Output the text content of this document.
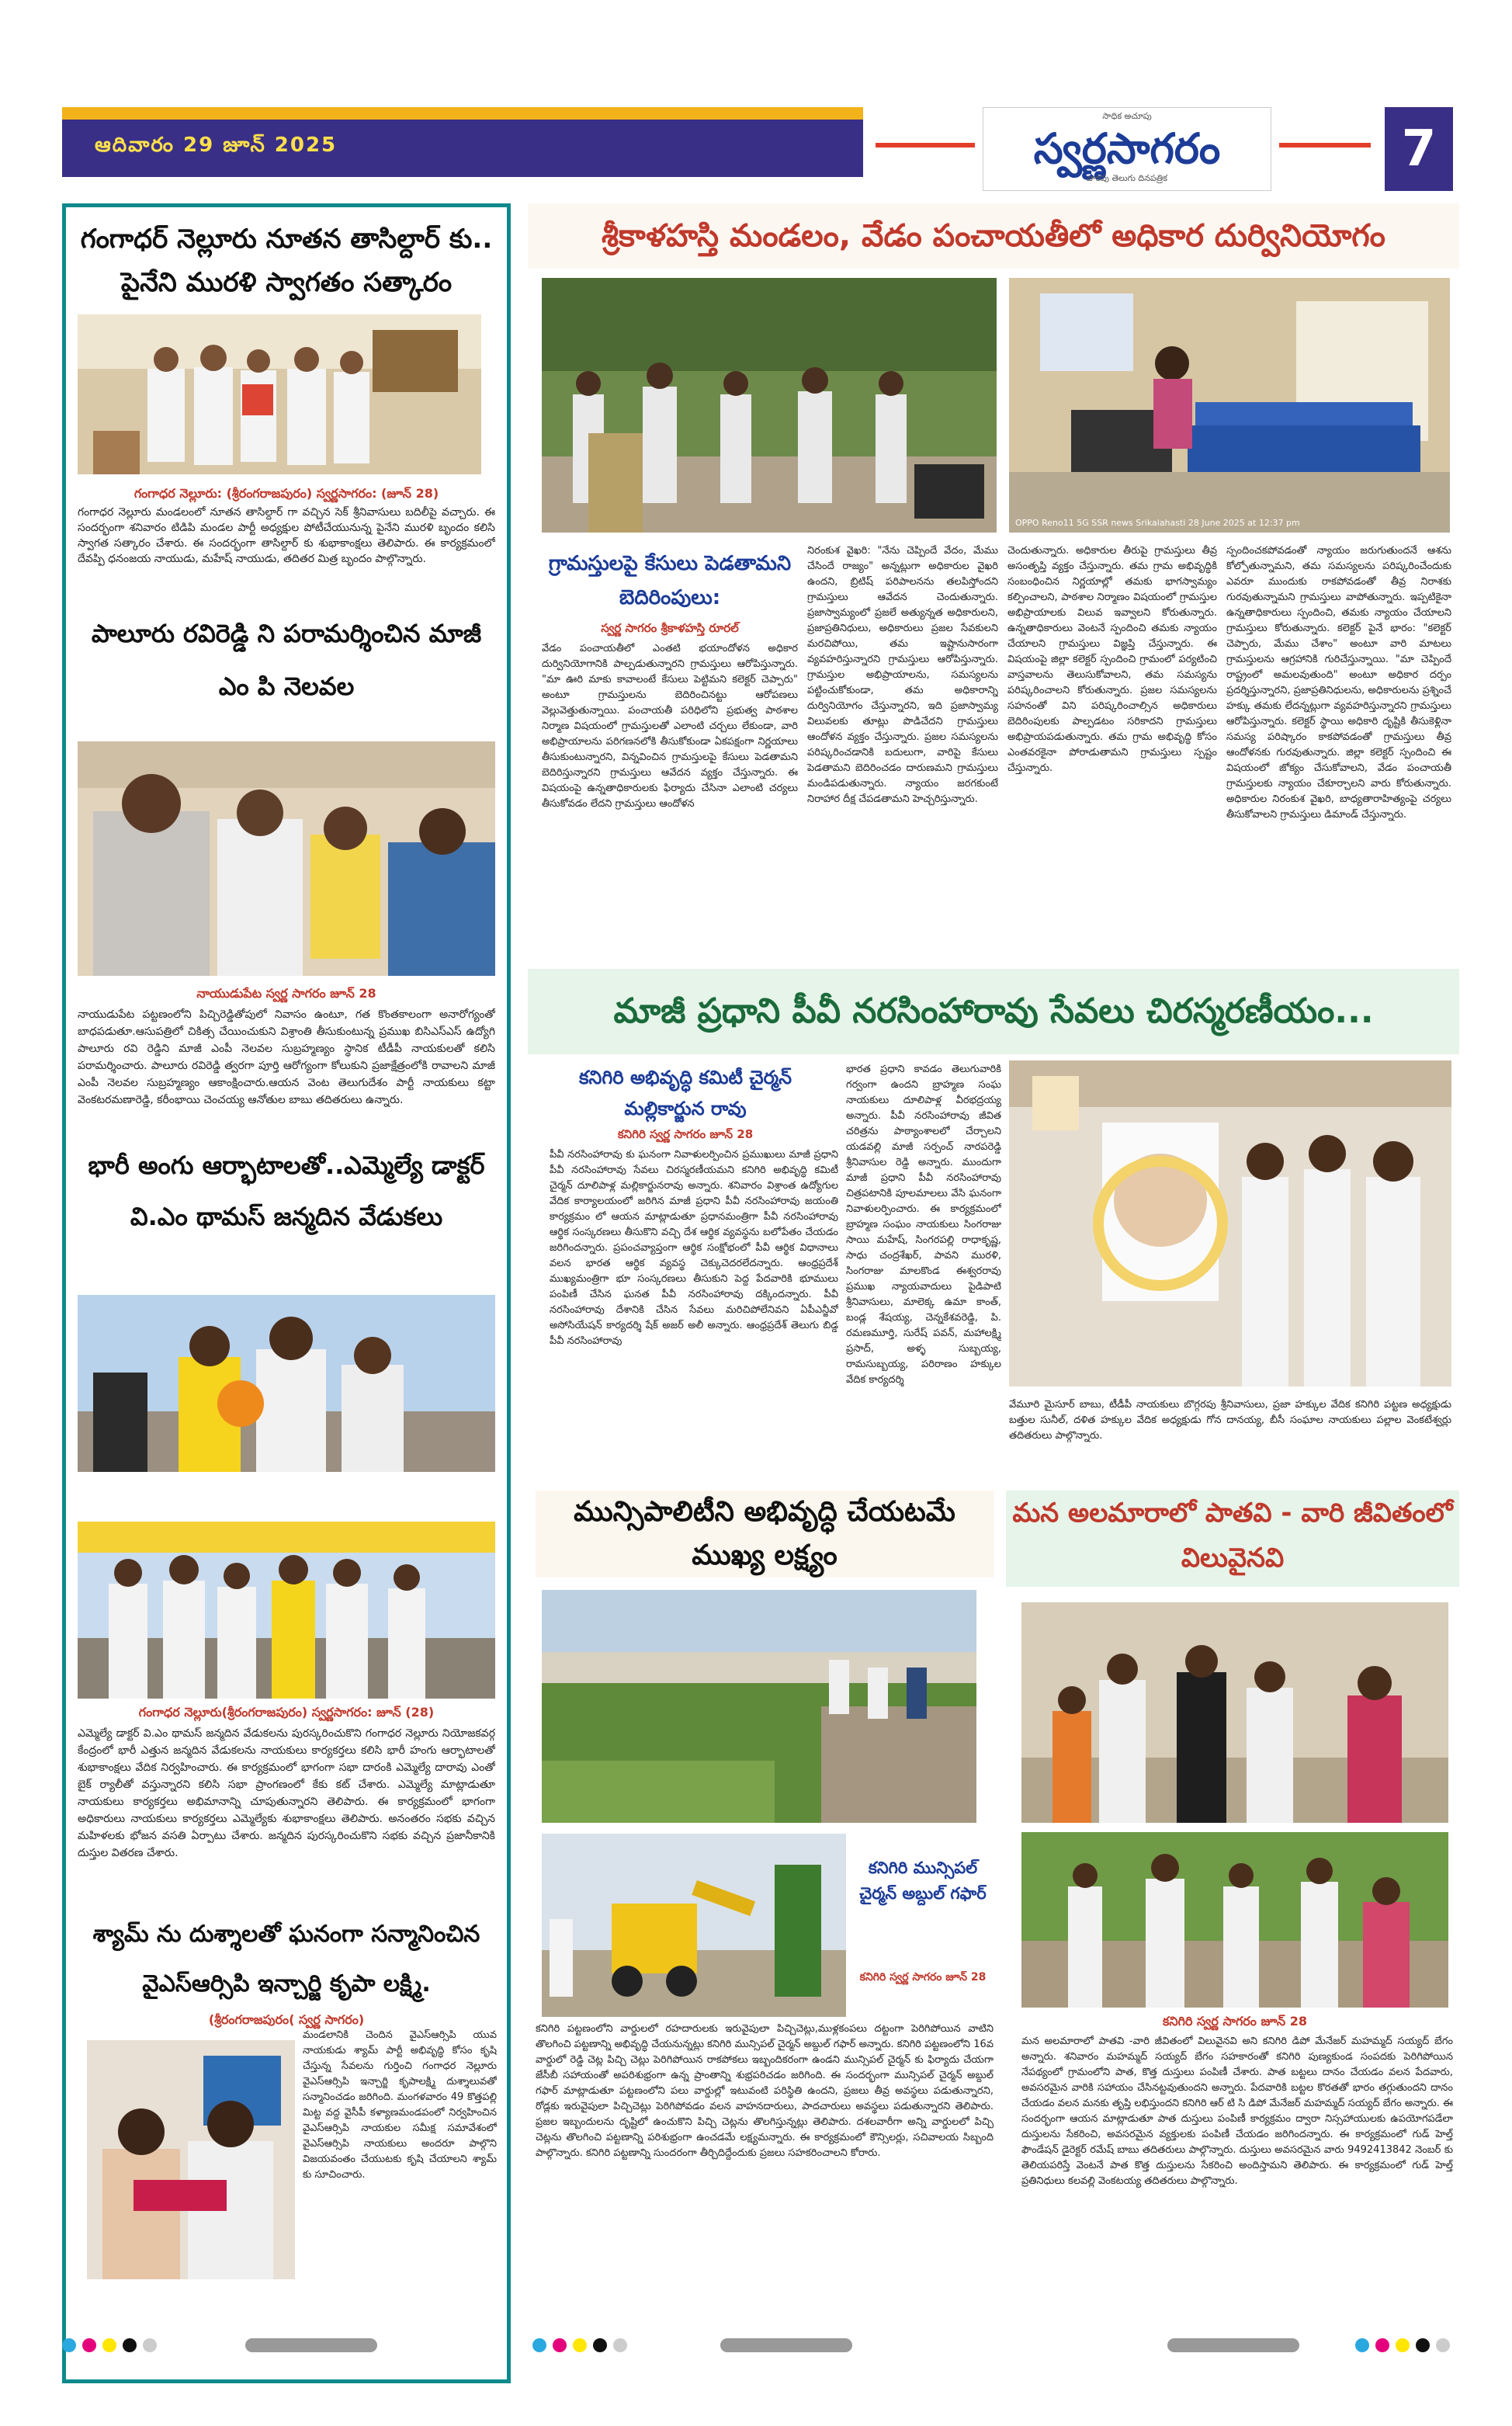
ఆదివారం 29 జూన్ 2025
సాధిక అచూపు
స్వర్ణసాగరం
వారపు తెలుగు దినపత్రిక
7
గంగాధర్ నెల్లూరు నూతన తాసిల్దార్ కు.. పైనేని మురళి స్వాగతం సత్కారం
గంగాధర నెల్లూరు: (శ్రీరంగరాజపురం) స్వర్ణసాగరం: (జూన్ 28)
గంగాధర నెల్లూరు మండలంలో నూతన తాసిల్దార్ గా వచ్చిన సెక్ శ్రీనివాసులు బదిలీపై వచ్చారు. ఈ సందర్భంగా శనివారం టిడిపి మండల పార్టీ అధ్యక్షుల పోటీచేయునున్న పైనేని మురళి బృందం కలిసి స్వాగత సత్కారం చేశారు. ఈ సందర్భంగా తాసిల్దార్ కు శుభాకాంక్షలు తెలిపారు. ఈ కార్యక్రమంలో దేవప్పి ధనంజయ నాయుడు, మహేష్ నాయుడు, తదితర మిత్ర బృందం పాల్గొన్నారు.
పాలూరు రవిరెడ్డి ని పరామర్శించిన మాజీ ఎం పి నెలవల
నాయుడుపేట స్వర్ణ సాగరం జూన్ 28
నాయుడుపేట పట్టణంలోని పిచ్చిరెడ్డితోపులో నివాసం ఉంటూ, గత కొంతకాలంగా అనారోగ్యంతో బాధపడుతూ.ఆసుపత్రిలో చికిత్స చేయించుకుని విశ్రాంతి తీసుకుంటున్న ప్రముఖ బిసిఎస్ఎస్ ఉద్యోగి పాలూరు రవి రెడ్డిని మాజీ ఎంపీ నెలవల సుబ్రహ్మణ్యం స్థానిక టీడీపీ నాయకులతో కలిసి పరామర్శించారు. పాలూరు రవిరెడ్డి త్వరగా పూర్తి ఆరోగ్యంగా కోలుకుని ప్రజాక్షేత్రంలోకి రావాలని మాజీ ఎంపీ నెలవల సుబ్రహ్మణ్యం ఆకాంక్షించారు.ఆయన వెంట తెలుగుదేశం పార్టీ నాయకులు కట్టా వెంకటరమణారెడ్డి, కరీంభాయి చెంచయ్య ఆనోతుల బాబు తదితరులు ఉన్నారు.
భారీ అంగు ఆర్భాటాలతో..ఎమ్మెల్యే డాక్టర్ వి.ఎం థామస్ జన్మదిన వేడుకలు
గంగాధర నెల్లూరు(శ్రీరంగరాజపురం) స్వర్ణసాగరం: జూన్ (28)
ఎమ్మెల్యే డాక్టర్ వి.ఎం థామస్ జన్మదిన వేడుకలను పురస్కరించుకొని గంగాధర నెల్లూరు నియోజకవర్గ కేంద్రంలో భారీ ఎత్తున జన్మదిన వేడుకలను నాయకులు కార్యకర్తలు కలిసి భారీ హంగు ఆర్భాటాలతో శుభాకాంక్షలు వేదిక నిర్వహించారు. ఈ కార్యక్రమంలో భాగంగా సభా దారంకి ఎమ్మెల్యే దారావు ఎంతో బైక్ ర్యాలీతో వస్తున్నారని కలిసి సభా ప్రాంగణంలో కేకు కట్ చేశారు. ఎమ్మెల్యే మాట్లాడుతూ నాయకులు కార్యకర్తలు అభిమానాన్ని చూపుతున్నారని తెలిపారు. ఈ కార్యక్రమంలో భాగంగా అధికారులు నాయకులు కార్యకర్తలు ఎమ్మెల్యేకు శుభాకాంక్షలు తెలిపారు. అనంతరం సభకు వచ్చిన మహిళలకు భోజన వసతి ఏర్పాటు చేశారు. జన్మదిన పురస్కరించుకొని సభకు వచ్చిన ప్రజానీకానికి దుస్తుల వితరణ చేశారు.
శ్యామ్ ను దుశ్శాలతో ఘనంగా సన్మానించిన వైఎస్ఆర్సిపి ఇన్చార్జి కృపా లక్ష్మి.
(శ్రీరంగరాజపురం( స్వర్ణ సాగరం)
మండలానికి చెందిన వైఎస్ఆర్సిపి యువ నాయకుడు శ్యామ్ పార్టీ అభివృద్ధి కోసం కృషి చేస్తున్న సేవలను గుర్తించి గంగాధర నెల్లూరు వైఎస్ఆర్సిపి ఇన్చార్జి కృపాలక్ష్మి దుశ్శాలువతో సన్మానించడం జరిగింది. మంగళవారం 49 కొత్తపల్లి మిట్ట వద్ద వైసీపీ కళ్యాణమండపంలో నిర్వహించిన వైఎస్ఆర్సిపి నాయకుల సమీక్ష సమావేశంలో వైఎస్ఆర్సిపి నాయకులు అందరూ పాల్గొని విజయవంతం చేయుటకు కృషి చేయాలని శ్యామ్ కు సూచించారు.
శ్రీకాళహస్తి మండలం, వేడం పంచాయతీలో అధికార దుర్వినియోగం
OPPO Reno11 5G SSR news Srikalahasti 28 June 2025 at 12:37 pm
గ్రామస్తులపై కేసులు పెడతామని బెదిరింపులు:
స్వర్ణ సాగరం శ్రీకాళహస్తి రూరల్
వేడం పంచాయతీలో ఎంతటి భయాందోళన అధికార దుర్వినియోగానికి పాల్పడుతున్నారని గ్రామస్తులు ఆరోపిస్తున్నారు. "మా ఊరి మాకు కావాలంటే కేసులు పెట్టిమని కలెక్టర్ చెప్పారు" అంటూ గ్రామస్తులను బెదిరించినట్టు ఆరోపణలు వెల్లువెత్తుతున్నాయి. పంచాయతీ పరిధిలోని ప్రభుత్వ పాఠశాల నిర్మాణ విషయంలో గ్రామస్తులతో ఎలాంటి చర్చలు లేకుండా, వారి అభిప్రాయాలను పరిగణనలోకి తీసుకోకుండా ఏకపక్షంగా నిర్ణయాలు తీసుకుంటున్నారని, విన్నవించిన గ్రామస్తులపై కేసులు పెడతామని బెదిరిస్తున్నారని గ్రామస్తులు ఆవేదన వ్యక్తం చేస్తున్నారు. ఈ విషయంపై ఉన్నతాధికారులకు ఫిర్యాదు చేసినా ఎలాంటి చర్యలు తీసుకోవడం లేదని గ్రామస్తులు ఆందోళన
నిరంకుశ వైఖరి: "నేను చెప్పిందే వేదం, మేము చేసిందే రాజ్యం" అన్నట్లుగా అధికారుల వైఖరి ఉందని, బ్రిటిష్ పరిపాలనను తలపిస్తోందని గ్రామస్తులు ఆవేదన చెందుతున్నారు. ప్రజాస్వామ్యంలో ప్రజలే అత్యున్నత అధికారులని, ప్రజాప్రతినిధులు, అధికారులు ప్రజల సేవకులని మరచిపోయి, తమ ఇష్టానుసారంగా వ్యవహరిస్తున్నారని గ్రామస్తులు ఆరోపిస్తున్నారు. గ్రామస్తుల అభిప్రాయాలను, సమస్యలను పట్టించుకోకుండా, తమ అధికారాన్ని దుర్వినియోగం చేస్తున్నారని, ఇది ప్రజాస్వామ్య విలువలకు తూట్లు పొడిచేదని గ్రామస్తులు ఆందోళన వ్యక్తం చేస్తున్నారు. ప్రజల సమస్యలను పరిష్కరించడానికి బదులుగా, వారిపై కేసులు పెడతామని బెదిరించడం దారుణమని గ్రామస్తులు మండిపడుతున్నారు. న్యాయం జరగకుంటే నిరాహార దీక్ష చేపడతామని హెచ్చరిస్తున్నారు.
చెందుతున్నారు. అధికారుల తీరుపై గ్రామస్తులు తీవ్ర అసంతృప్తి వ్యక్తం చేస్తున్నారు. తమ గ్రామ అభివృద్ధికి సంబంధించిన నిర్ణయాల్లో తమకు భాగస్వామ్యం కల్పించాలని, పాఠశాల నిర్మాణం విషయంలో గ్రామస్తుల అభిప్రాయాలకు విలువ ఇవ్వాలని కోరుతున్నారు. ఉన్నతాధికారులు వెంటనే స్పందించి తమకు న్యాయం చేయాలని గ్రామస్తులు విజ్ఞప్తి చేస్తున్నారు. ఈ విషయంపై జిల్లా కలెక్టర్ స్పందించి గ్రామంలో పర్యటించి వాస్తవాలను తెలుసుకోవాలని, తమ సమస్యను పరిష్కరించాలని కోరుతున్నారు. ప్రజల సమస్యలను సహనంతో విని పరిష్కరించాల్సిన అధికారులు బెదిరింపులకు పాల్పడటం సరికాదని గ్రామస్తులు అభిప్రాయపడుతున్నారు. తమ గ్రామ అభివృద్ధి కోసం ఎంతవరకైనా పోరాడుతామని గ్రామస్తులు స్పష్టం చేస్తున్నారు.
స్పందించకపోవడంతో న్యాయం జరుగుతుందనే ఆశను కోల్పోతున్నామని, తమ సమస్యలను పరిష్కరించేందుకు ఎవరూ ముందుకు రాకపోవడంతో తీవ్ర నిరాశకు గురవుతున్నామని గ్రామస్తులు వాపోతున్నారు. ఇప్పటికైనా ఉన్నతాధికారులు స్పందించి, తమకు న్యాయం చేయాలని గ్రామస్తులు కోరుతున్నారు. కలెక్టర్ పైనే భారం: "కలెక్టర్ చెప్పారు, మేము చేశాం" అంటూ వారి మాటలు గ్రామస్తులను ఆగ్రహానికి గురిచేస్తున్నాయి. "మా చెప్పిందే రాష్ట్రంలో అమలవుతుంది" అంటూ అధికార దర్పం ప్రదర్శిస్తున్నారని, ప్రజాప్రతినిధులను, అధికారులను ప్రశ్నించే హక్కు తమకు లేదన్నట్లుగా వ్యవహరిస్తున్నారని గ్రామస్తులు ఆరోపిస్తున్నారు. కలెక్టర్ స్థాయి అధికారి దృష్టికి తీసుకెళ్లినా సమస్య పరిష్కారం కాకపోవడంతో గ్రామస్తులు తీవ్ర ఆందోళనకు గురవుతున్నారు. జిల్లా కలెక్టర్ స్పందించి ఈ విషయంలో జోక్యం చేసుకోవాలని, వేడం పంచాయతీ గ్రామస్తులకు న్యాయం చేకూర్చాలని వారు కోరుతున్నారు. అధికారుల నిరంకుశ వైఖరి, బాధ్యతారాహిత్యంపై చర్యలు తీసుకోవాలని గ్రామస్తులు డిమాండ్ చేస్తున్నారు.
మాజీ ప్రధాని పీవీ నరసింహారావు సేవలు చిరస్మరణీయం...
కనిగిరి అభివృద్ధి కమిటీ చైర్మన్ మల్లికార్జున రావు
కనిగిరి స్వర్ణ సాగరం జూన్ 28
పీవీ నరసింహారావు కు ఘనంగా నివాళులర్పించిన ప్రముఖులు మాజీ ప్రధాని పీవీ నరసింహారావు సేవలు చిరస్మరణీయమని కనిగిరి అభివృద్ధి కమిటీ చైర్మన్ దూలిపాళ్ల మల్లికార్జునరావు అన్నారు. శనివారం విశ్రాంత ఉద్యోగుల వేదిక కార్యాలయంలో జరిగిన మాజీ ప్రధాని పీవీ నరసింహారావు జయంతి కార్యక్రమం లో ఆయన మాట్లాడుతూ ప్రధానమంత్రిగా పీవీ నరసింహారావు ఆర్థిక సంస్కరణలు తీసుకొని వచ్చి దేశ ఆర్థిక వ్యవస్థను బలోపేతం చేయడం జరిగిందన్నారు. ప్రపంచవ్యాప్తంగా ఆర్థిక సంక్షోభంలో పీవీ ఆర్థిక విధానాలు వలన భారత ఆర్థిక వ్యవస్థ చెక్కుచెదరలేదన్నారు. ఆంధ్రప్రదేశ్ ముఖ్యమంత్రిగా భూ సంస్కరణలు తీసుకుని పెద్ద పేదవారికి భూములు పంపిణీ చేసిన ఘనత పీవీ నరసింహారావు దక్కిందన్నారు. పీవీ నరసింహారావు దేశానికి చేసిన సేవలు మరిచిపోలేనివని ఏపీఎన్జీవో అసోసియేషన్ కార్యదర్శి షేక్ అజర్ అలీ అన్నారు. ఆంధ్రప్రదేశ్ తెలుగు బిడ్డ పీవీ నరసింహారావు
భారత ప్రధాని కావడం తెలుగువారికి గర్వంగా ఉందని బ్రాహ్మణ సంఘ నాయకులు దూలిపాళ్ల వీరభద్రయ్య అన్నారు. పీవీ నరసింహారావు జీవిత చరిత్రను పాఠ్యాంశాలలో చేర్చాలని యడవల్లి మాజీ సర్పంచ్ నారపరెడ్డి శ్రీనివాసుల రెడ్డి అన్నారు. ముందుగా మాజీ ప్రధాని పీవీ నరసింహారావు చిత్రపటానికి పూలమాలలు వేసి ఘనంగా నివాళులర్పించారు. ఈ కార్యక్రమంలో బ్రాహ్మణ సంఘం నాయకులు సింగరాజు సాయి మహేష్, సింగరపల్లి రాధాకృష్ణ, సాధు చంద్రశేఖర్, పావని మురళి, సింగరాజు మాలకొండ ఈశ్వరరావు ప్రముఖ న్యాయవాదులు పైడిపాటి శ్రీనివాసులు, మాలెక్క ఉమా కాంత్, బండ్ల శేషయ్య, చెన్నకేశవరెడ్డి, పి. రమణమూర్తి, సురేష్ పవన్, మహాలక్ష్మి ప్రసాద్, అళ్ళ సుబ్బయ్య, రామసుబ్బయ్య, పరిరాణం హక్కుల వేదిక కార్యదర్శి
వేమూరి మైసూర్ బాబు, టీడీపీ నాయకులు బొగ్గరపు శ్రీనివాసులు, ప్రజా హక్కుల వేదిక కనిగిరి పట్టణ అధ్యక్షుడు బత్తుల సునీల్, దళిత హక్కుల వేదిక అధ్యక్షుడు గోన దానయ్య, బీసీ సంఘాల నాయకులు పల్లాల వెంకటేశ్వర్లు తదితరులు పాల్గొన్నారు.
మున్సిపాలిటీని అభివృద్ధి చేయటమే ముఖ్య లక్ష్యం
కనిగిరి మున్సిపల్ చైర్మన్ అబ్దుల్ గఫార్
కనిగిరి స్వర్ణ సాగరం జూన్ 28
కనిగిరి పట్టణంలోని వార్డులలో రహదారులకు ఇరువైపులా పిచ్చిచెట్లు,ముళ్లకంపలు దట్టంగా పెరిగిపోయిన వాటిని తొలగించి పట్టణాన్ని అభివృద్ధి చేయనున్నట్లు కనిగిరి మున్సిపల్ చైర్మన్ అబ్దుల్ గఫార్ అన్నారు. కనిగిరి పట్టణంలోని 16వ వార్డులో రెడ్డి చెట్ల పిచ్చి చెట్లు పెరిగిపోయిన రాకపోకలు ఇబ్బందికరంగా ఉండని మున్సిపల్ చైర్మన్ కు ఫిర్యాదు చేయగా జేసీబీ సహాయంతో అపరిశుభ్రంగా ఉన్న ప్రాంతాన్ని శుభ్రపరిచడం జరిగింది. ఈ సందర్భంగా మున్సిపల్ చైర్మన్ అబ్దుల్ గఫార్ మాట్లాడుతూ పట్టణంలోని పలు వార్డుల్లో ఇటువంటి పరిస్థితి ఉందని, ప్రజలు తీవ్ర అవస్థలు పడుతున్నారని, రోడ్లకు ఇరువైపులా పిచ్చిచెట్లు పెరిగిపోవడం వలన వాహనదారులు, పాదచారులు అవస్థలు పడుతున్నారని తెలిపారు. ప్రజల ఇబ్బందులను దృష్టిలో ఉంచుకొని పిచ్చి చెట్లను తొలగిస్తున్నట్లు తెలిపారు. దశలవారీగా అన్ని వార్డులలో పిచ్చి చెట్లను తొలగించి పట్టణాన్ని పరిశుభ్రంగా ఉంచడమే లక్ష్యమన్నారు. ఈ కార్యక్రమంలో కౌన్సిలర్లు, సచివాలయ సిబ్బంది పాల్గొన్నారు. కనిగిరి పట్టణాన్ని సుందరంగా తీర్చిదిద్దేందుకు ప్రజలు సహకరించాలని కోరారు.
మన అలమారాలో పాతవి - వారి జీవితంలో విలువైనవి
కనిగిరి స్వర్ణ సాగరం జూన్ 28
మన అలమారాలో పాతవి -వారి జీవితంలో విలువైనవి అని కనిగిరి డిపో మేనేజర్ మహమ్మద్ సయ్యద్ బేగం అన్నారు. శనివారం మహమ్మద్ సయ్యద్ బేగం సహకారంతో కనిగిరి పుణ్యకుండ సంపదకు పెరిగిపోయిన నేపథ్యంలో గ్రామంలోని పాత, కొత్త దుస్తులు పంపిణీ చేశారు. పాత బట్టలు దానం చేయడం వలన పేదవారు, అవసరమైన వారికి సహాయం చేసినట్టవుతుందని అన్నారు. పేదవారికి బట్టల కొరతతో భారం తగ్గుతుందని దానం చేయడం వలన మనకు తృప్తి లభిస్తుందని కనిగిరి ఆర్ టి సి డిపో మేనేజర్ మహమ్మద్ సయ్యద్ బేగం అన్నారు. ఈ సందర్భంగా ఆయన మాట్లాడుతూ పాత దుస్తులు పంపిణీ కార్యక్రమం ద్వారా నిస్సహాయులకు ఉపయోగపడేలా దుస్తులను సేకరించి, అవసరమైన వ్యక్తులకు పంపిణీ చేయడం జరిగిందన్నారు. ఈ కార్యక్రమంలో గుడ్ హెల్త్ ఫౌండేషన్ డైరెక్టర్ రమేష్ బాబు తదితరులు పాల్గొన్నారు. దుస్తులు అవసరమైన వారు 9492413842 నెంబర్ కు తెలియపరిస్తే వెంటనే పాత కొత్త దుస్తులను సేకరించి అందిస్తామని తెలిపారు. ఈ కార్యక్రమంలో గుడ్ హెల్త్ ప్రతినిధులు కలవల్లి వెంకటయ్య తదితరులు పాల్గొన్నారు.
